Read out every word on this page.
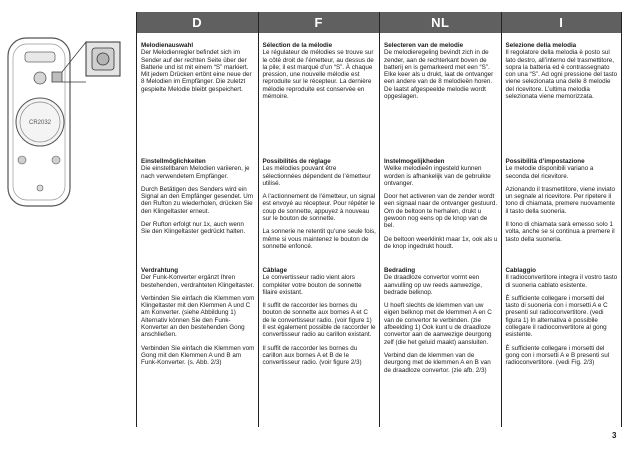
CR2032
D
Melodienauswahl

Der Melodienregler befindet sich im Sender auf der rechten Seite über der Batterie und ist mit einem “S” markiert. Mit jedem Drücken ertönt eine neue der 8 Melodien im Empfänger. Die zuletzt gespielte Melodie bleibt gespeichert.

Einstellmöglichkeiten

Die einstellbaren Melodien variieren, je nach verwendetem Empfänger.

Durch Betätigen des Senders wird ein Signal an den Empfänger gesendet. Um den Rufton zu wiederholen, drücken Sie den Klingeltaster erneut.

Der Rufton erfolgt nur 1x, auch wenn Sie den Klingeltaster gedrückt halten.

Verdrahtung

Der Funk-Konverter ergänzt Ihren bestehenden, verdrahteten Klingeltaster.

Verbinden Sie einfach die Klemmen vom Klingeltaster mit den Klemmen A und C am Konverter. (siehe Abbildung 1) Alternativ können Sie den Funk-Konverter an den bestehenden Gong anschließen.

Verbinden Sie einfach die Klemmen vom Gong mit den Klemmen A und B am Funk-Konverter. (s. Abb. 2/3)

F
Sélection de la mélodie

Le régulateur de mélodies se trouve sur le côté droit de l’émetteur, au dessus de la pile; il est marqué d’un “S”. À chaque pression, une nouvelle mélodie est reproduite sur le récepteur. La dernière mélodie reproduite est conservée en mémoire.

Possibilités de réglage

Les mélodies pouvant être sélectionnées dépendent de l’émetteur utilisé.

A l’actionnement de l’émetteur, un signal est envoyé au récepteur. Pour répéter le coup de sonnette, appuyez à nouveau sur le bouton de sonnette.

La sonnerie ne retentit qu’une seule fois, même si vous maintenez le bouton de sonnette enfoncé.

Câblage

Le convertisseur radio vient alors compléter votre bouton de sonnette filaire existant.

Il suffit de raccorder les bornes du bouton de sonnette aux bornes A et C de le convertisseur radio. (voir figure 1) Il est également possible de raccorder le convertisseur radio au carillon existant.

Il suffit de raccorder les bornes du carillon aux bornes A et B de le convertisseur radio. (voir figure 2/3)

NL
Selecteren van de melodie

De melodieregeling bevindt zich in de zender, aan de rechterkant boven de batterij en is gemarkeerd met een “S”. Elke keer als u drukt, laat de ontvanger een andere van de 8 melodieën horen. De laatst afgespeelde melodie wordt opgeslagen.

Instelmogelijkheden

Welke melodieën ingesteld kunnen worden is afhankelijk van de gebruikte ontvanger.

Door het activeren van de zender wordt een signaal naar de ontvanger gestuurd. Om de beltoon te herhalen, drukt u gewoon nog eens op de knop van de bel.

De beltoon weerklinkt maar 1x, ook als u de knop ingedrukt houdt.

Bedrading

De draadloze convertor vormt een aanvulling op uw reeds aanwezige, bedrade belknop.

U hoeft slechts de klemmen van uw eigen belknop met de klemmen A en C van de convertor te verbinden. (zie afbeelding 1) Ook kunt u de draadloze convertor aan de aanwezige deurgong zelf (die het geluid maakt) aansluiten.

Verbind dan de klemmen van de deurgong met de klemmen A en B van de draadloze convertor. (zie afb. 2/3)

I
Selezione della melodia

Il regolatore della melodia è posto sul lato destro, all’interno del trasmettitore, sopra la batteria ed è contrassegnato con una “S”. Ad ogni pressione del tasto viene selezionata una delle 8 melodie del ricevitore. L’ultima melodia selezionata viene memorizzata.

Possibilità d’impostazione

Le melodie disponibili variano a seconda del ricevitore.

Azionando il trasmettitore, viene inviato un segnale al ricevitore. Per ripetere il tono di chiamata, premere nuovamente il tasto della suoneria.

Il tono di chiamata sarà emesso solo 1 volta, anche se si continua a premere il tasto della suoneria.

Cablaggio

Il radioconvertitore integra il vostro tasto di suoneria cablato esistente.

È sufficiente collegare i morsetti del tasto di suoneria con i morsetti A e C presenti sul radioconvertitore. (vedi figura 1) In alternativa è possibile collegare il radioconvertitore al gong esistente.

È sufficiente collegare i morsetti del gong con i morsetti A e B presenti sul radioconvertitore. (vedi Fig. 2/3)

3
